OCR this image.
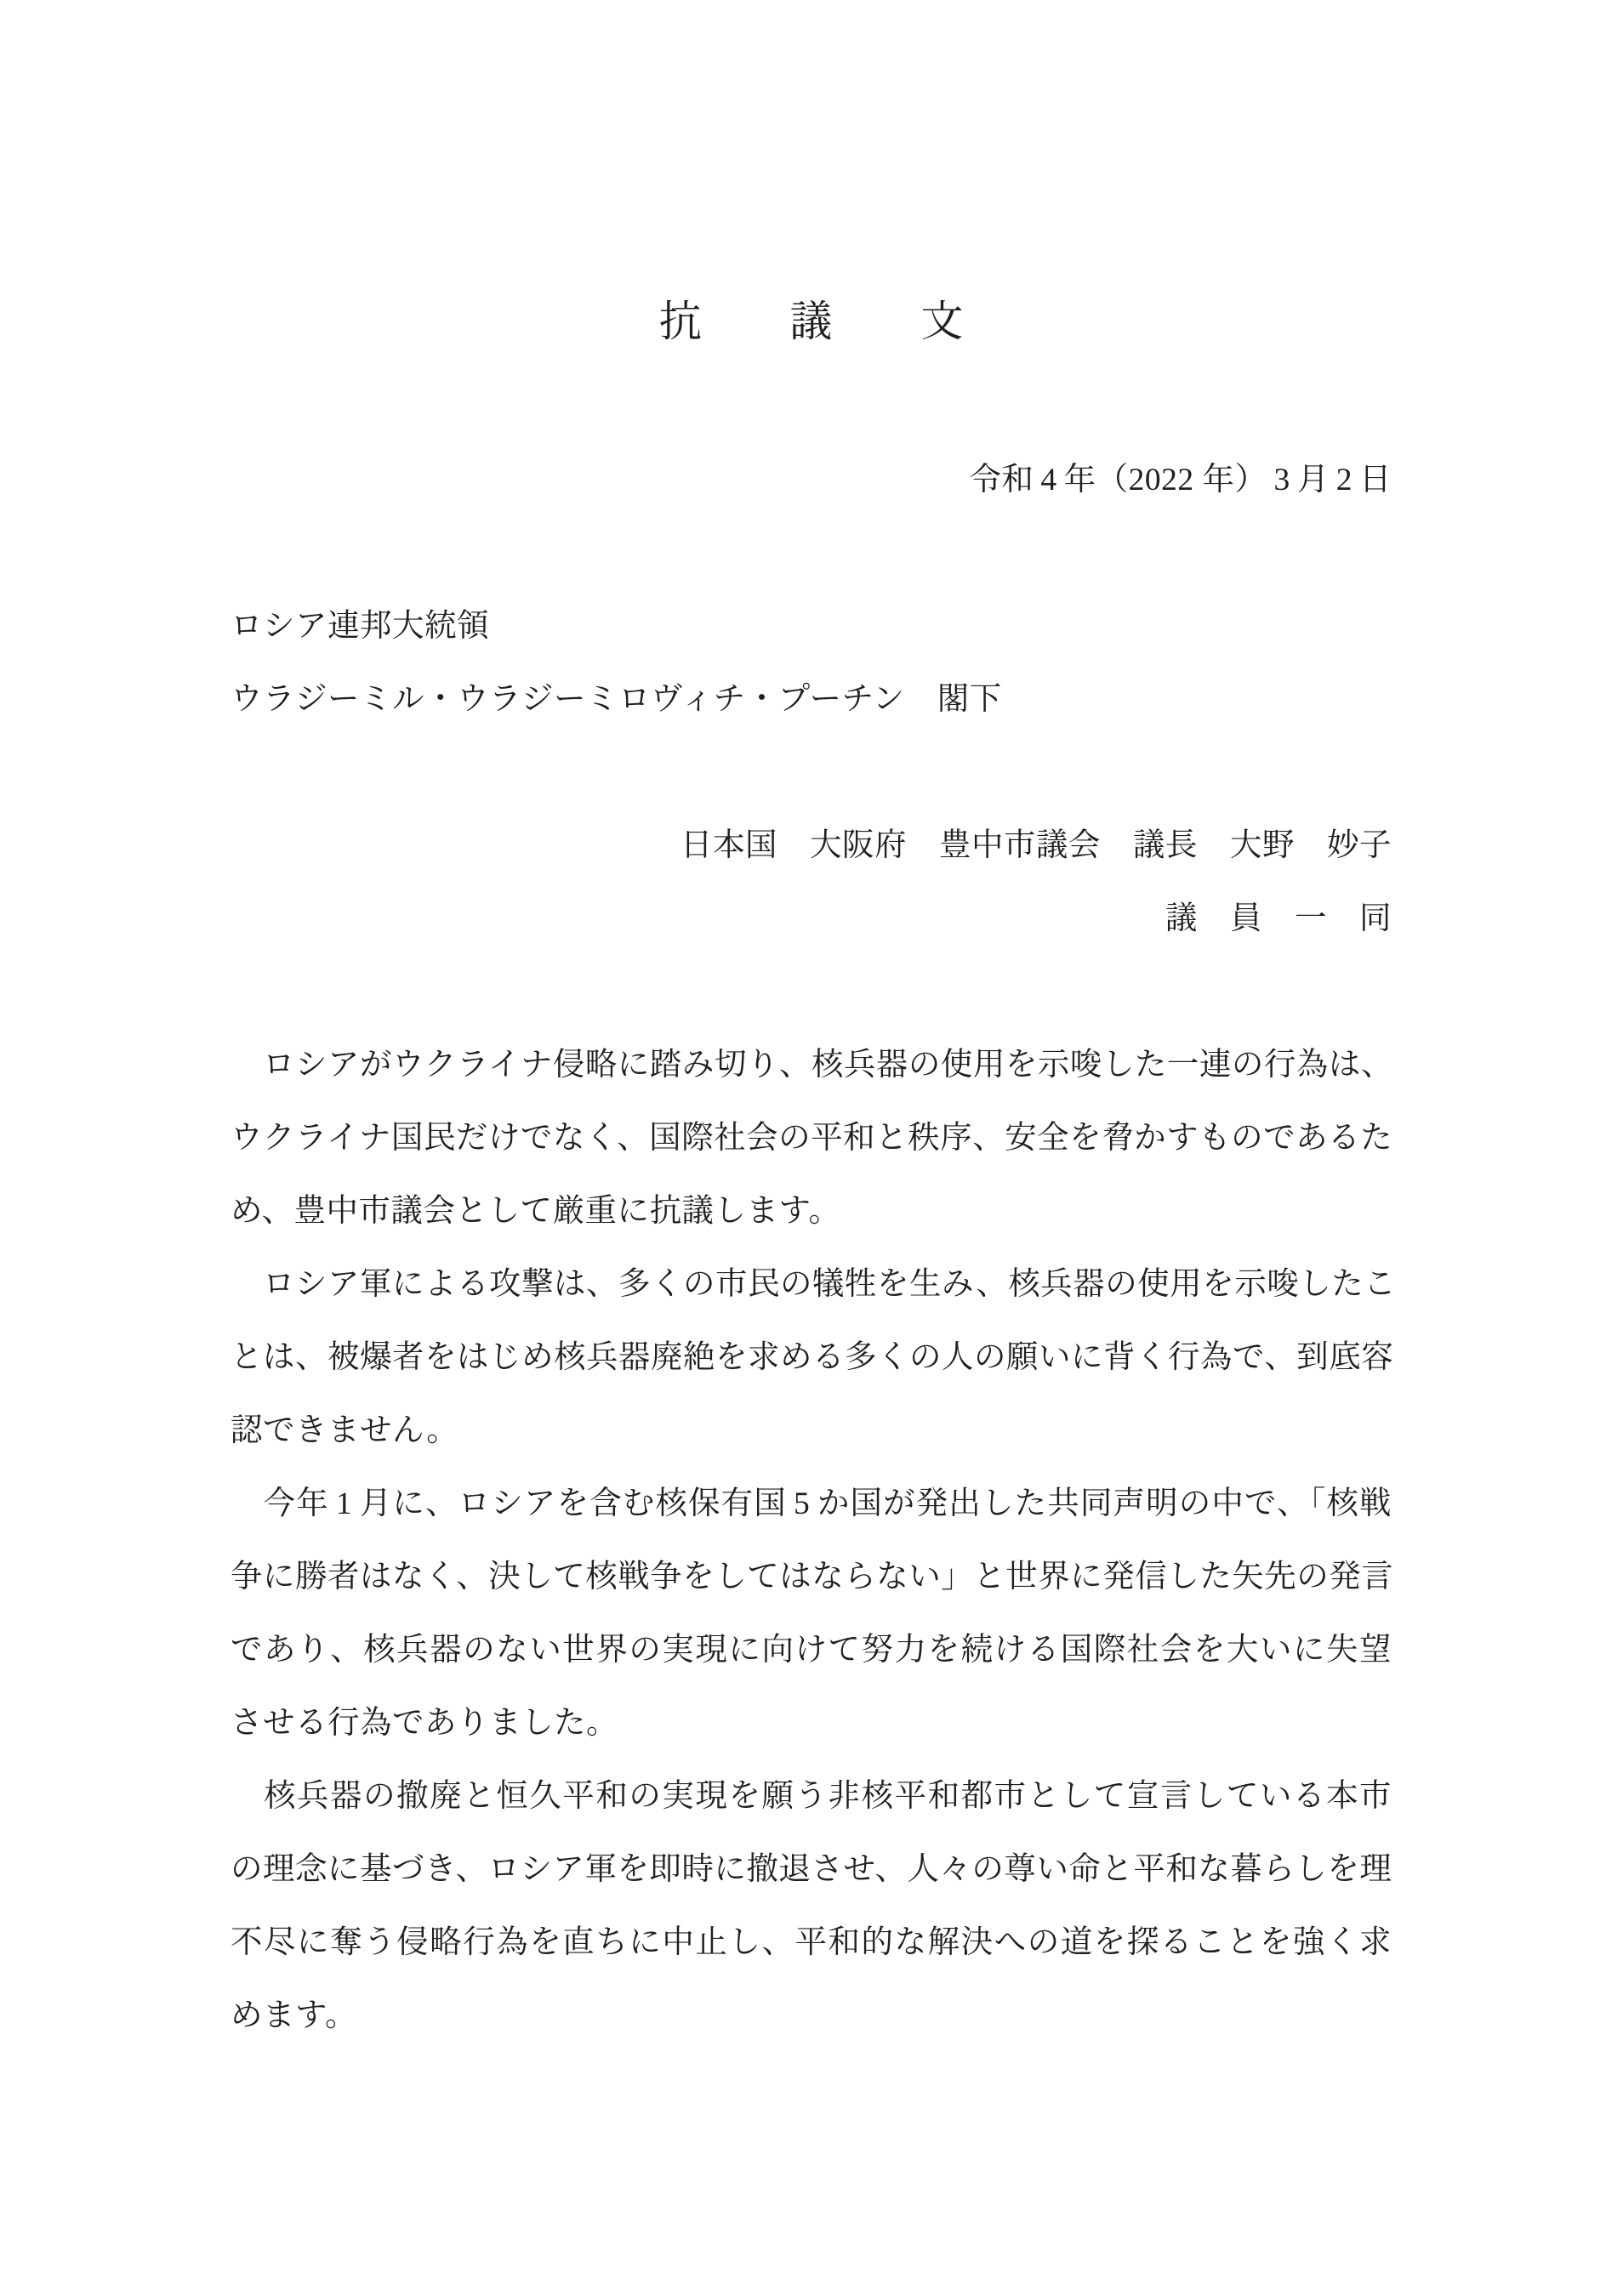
抗　議　文
令和 4 年（2022 年） 3 月 2 日
ロシア連邦大統領
ウラジーミル・ウラジーミロヴィチ・プーチン　閣下
日本国　大阪府　豊中市議会　議長　大野　妙子
議　員　一　同
　ロシアがウクライナ侵略に踏み切り、核兵器の使用を示唆した一連の行為は、
ウクライナ国民だけでなく、国際社会の平和と秩序、安全を脅かすものであるた
め、豊中市議会として厳重に抗議します。
　ロシア軍による攻撃は、多くの市民の犠牲を生み、核兵器の使用を示唆したこ
とは、被爆者をはじめ核兵器廃絶を求める多くの人の願いに背く行為で、到底容
認できません。
　今年 1 月に、ロシアを含む核保有国 5 か国が発出した共同声明の中で、「核戦
争に勝者はなく、決して核戦争をしてはならない」と世界に発信した矢先の発言
であり、核兵器のない世界の実現に向けて努力を続ける国際社会を大いに失望
させる行為でありました。
　核兵器の撤廃と恒久平和の実現を願う非核平和都市として宣言している本市
の理念に基づき、ロシア軍を即時に撤退させ、人々の尊い命と平和な暮らしを理
不尽に奪う侵略行為を直ちに中止し、平和的な解決への道を探ることを強く求
めます。
